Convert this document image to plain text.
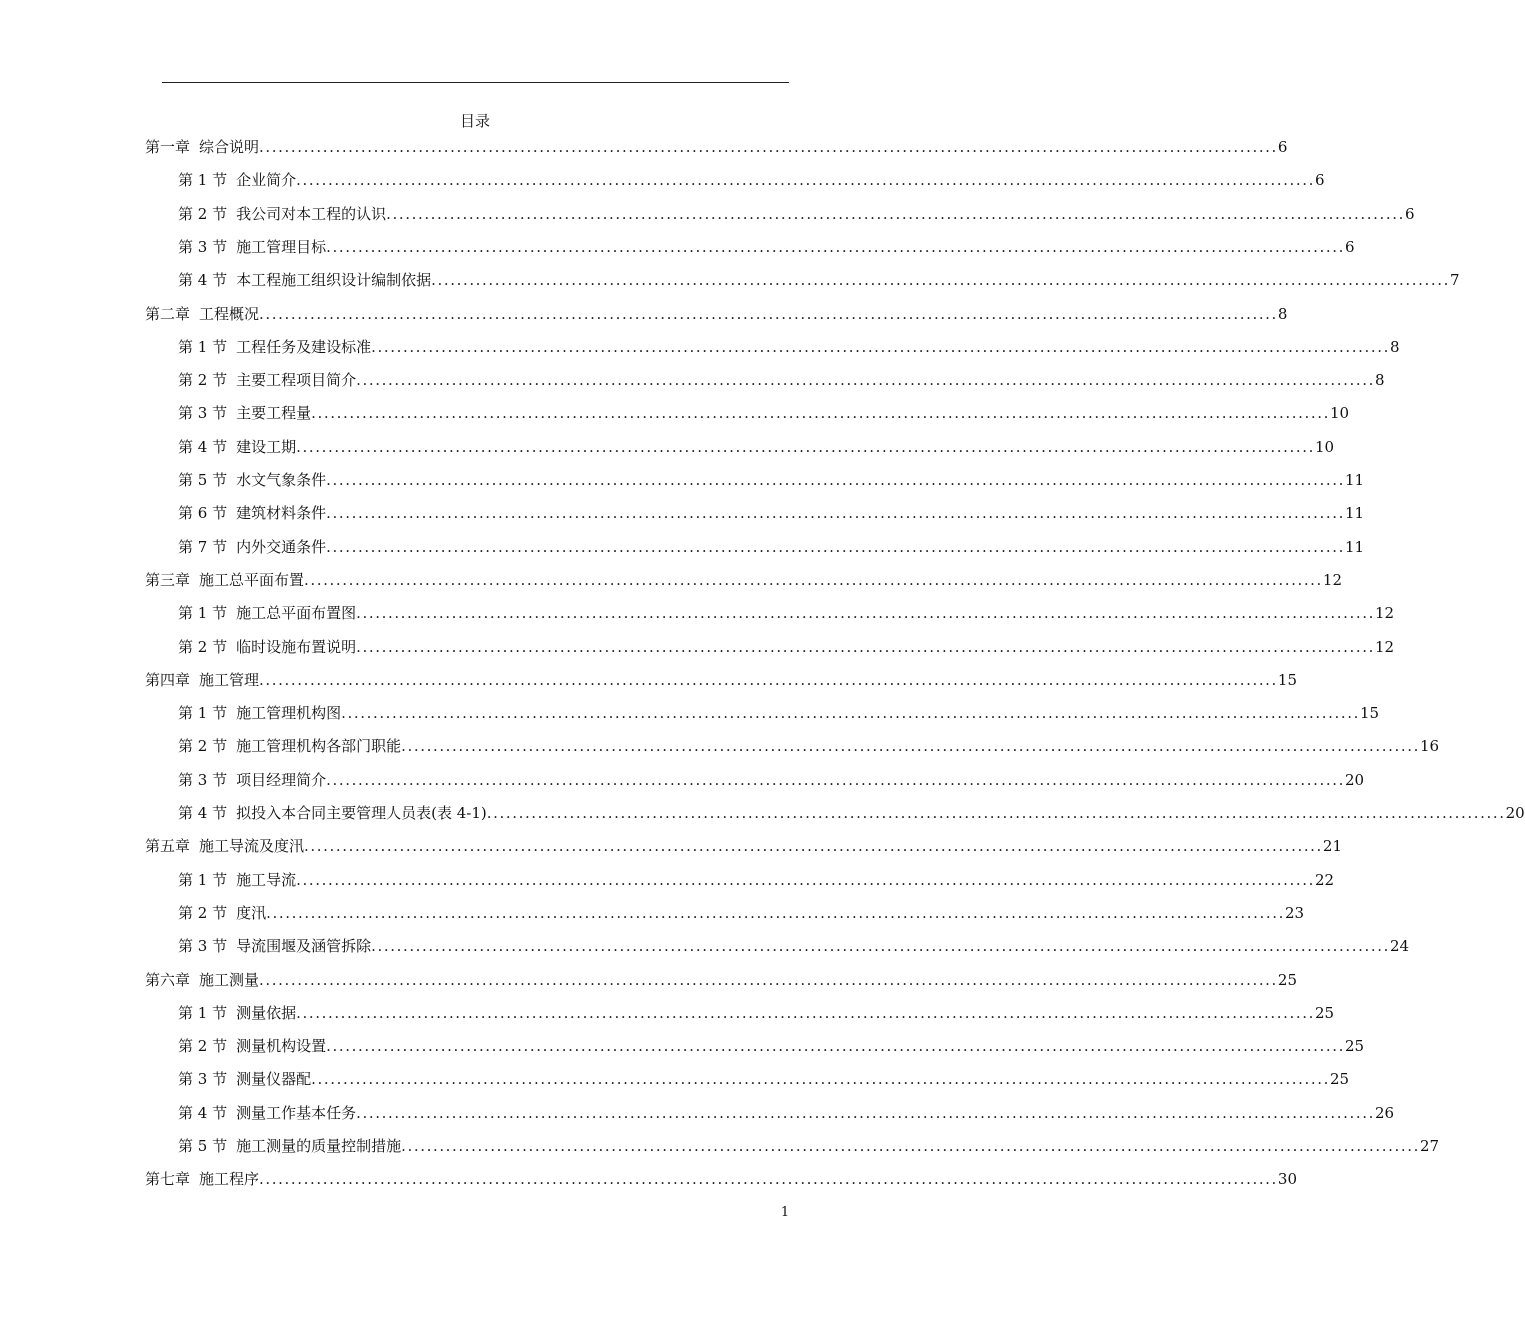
目录
第一章 综合说明 ................................................................................................................................................................ 6
第 1 节 企业简介 ................................................................................................................................................................ 6
第 2 节 我公司对本工程的认识 ................................................................................................................................................................ 6
第 3 节 施工管理目标 ................................................................................................................................................................ 6
第 4 节 本工程施工组织设计编制依据 ................................................................................................................................................................ 7
第二章 工程概况 ................................................................................................................................................................ 8
第 1 节 工程任务及建设标准 ................................................................................................................................................................ 8
第 2 节 主要工程项目简介 ................................................................................................................................................................ 8
第 3 节 主要工程量 ................................................................................................................................................................ 10
第 4 节 建设工期 ................................................................................................................................................................ 10
第 5 节 水文气象条件 ................................................................................................................................................................ 11
第 6 节 建筑材料条件 ................................................................................................................................................................ 11
第 7 节 内外交通条件 ................................................................................................................................................................ 11
第三章 施工总平面布置 ................................................................................................................................................................ 12
第 1 节 施工总平面布置图 ................................................................................................................................................................ 12
第 2 节 临时设施布置说明 ................................................................................................................................................................ 12
第四章 施工管理 ................................................................................................................................................................ 15
第 1 节 施工管理机构图 ................................................................................................................................................................ 15
第 2 节 施工管理机构各部门职能 ................................................................................................................................................................ 16
第 3 节 项目经理简介 ................................................................................................................................................................ 20
第 4 节 拟投入本合同主要管理人员表(表 4-1) ................................................................................................................................................................ 20
第五章 施工导流及度汛 ................................................................................................................................................................ 21
第 1 节 施工导流 ................................................................................................................................................................ 22
第 2 节 度汛 ................................................................................................................................................................ 23
第 3 节 导流围堰及涵管拆除 ................................................................................................................................................................ 24
第六章 施工测量 ................................................................................................................................................................ 25
第 1 节 测量依据 ................................................................................................................................................................ 25
第 2 节 测量机构设置 ................................................................................................................................................................ 25
第 3 节 测量仪器配 ................................................................................................................................................................ 25
第 4 节 测量工作基本任务 ................................................................................................................................................................ 26
第 5 节 施工测量的质量控制措施 ................................................................................................................................................................ 27
第七章 施工程序 ................................................................................................................................................................ 30
1
